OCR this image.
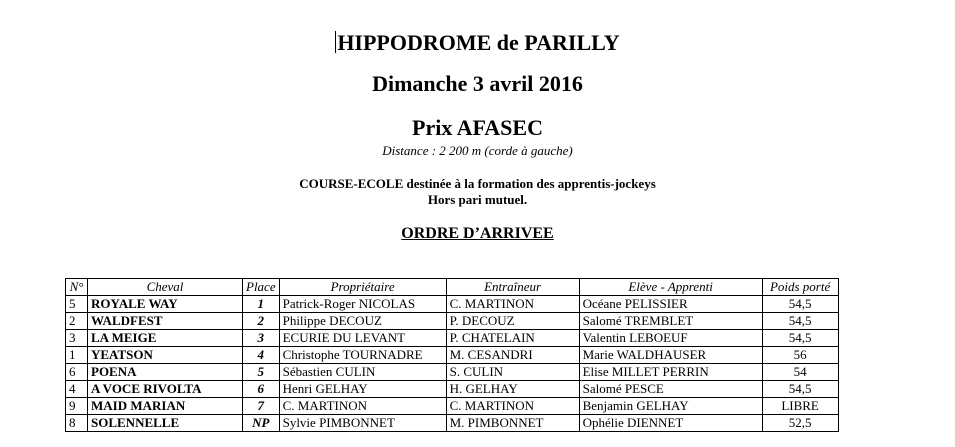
HIPPODROME de PARILLY
Dimanche 3 avril 2016
Prix AFASEC
Distance : 2 200 m (corde à gauche)
COURSE-ECOLE destinée à la formation des apprentis-jockeys
Hors pari mutuel.
ORDRE D’ARRIVEE
N°	Cheval	Place	Propriétaire	Entraîneur	Elève - Apprenti	Poids porté
5	ROYALE WAY	1	Patrick-Roger NICOLAS	C. MARTINON	Océane PELISSIER	54,5
2	WALDFEST	2	Philippe DECOUZ	P. DECOUZ	Salomé TREMBLET	54,5
3	LA MEIGE	3	ECURIE DU LEVANT	P. CHATELAIN	Valentin LEBOEUF	54,5
1	YEATSON	4	Christophe TOURNADRE	M. CESANDRI	Marie WALDHAUSER	56
6	POENA	5	Sébastien CULIN	S. CULIN	Elise MILLET PERRIN	54
4	A VOCE RIVOLTA	6	Henri GELHAY	H. GELHAY	Salomé PESCE	54,5
9	MAID MARIAN	7	C. MARTINON	C. MARTINON	Benjamin GELHAY	LIBRE
8	SOLENNELLE	NP	Sylvie PIMBONNET	M. PIMBONNET	Ophélie DIENNET	52,5
